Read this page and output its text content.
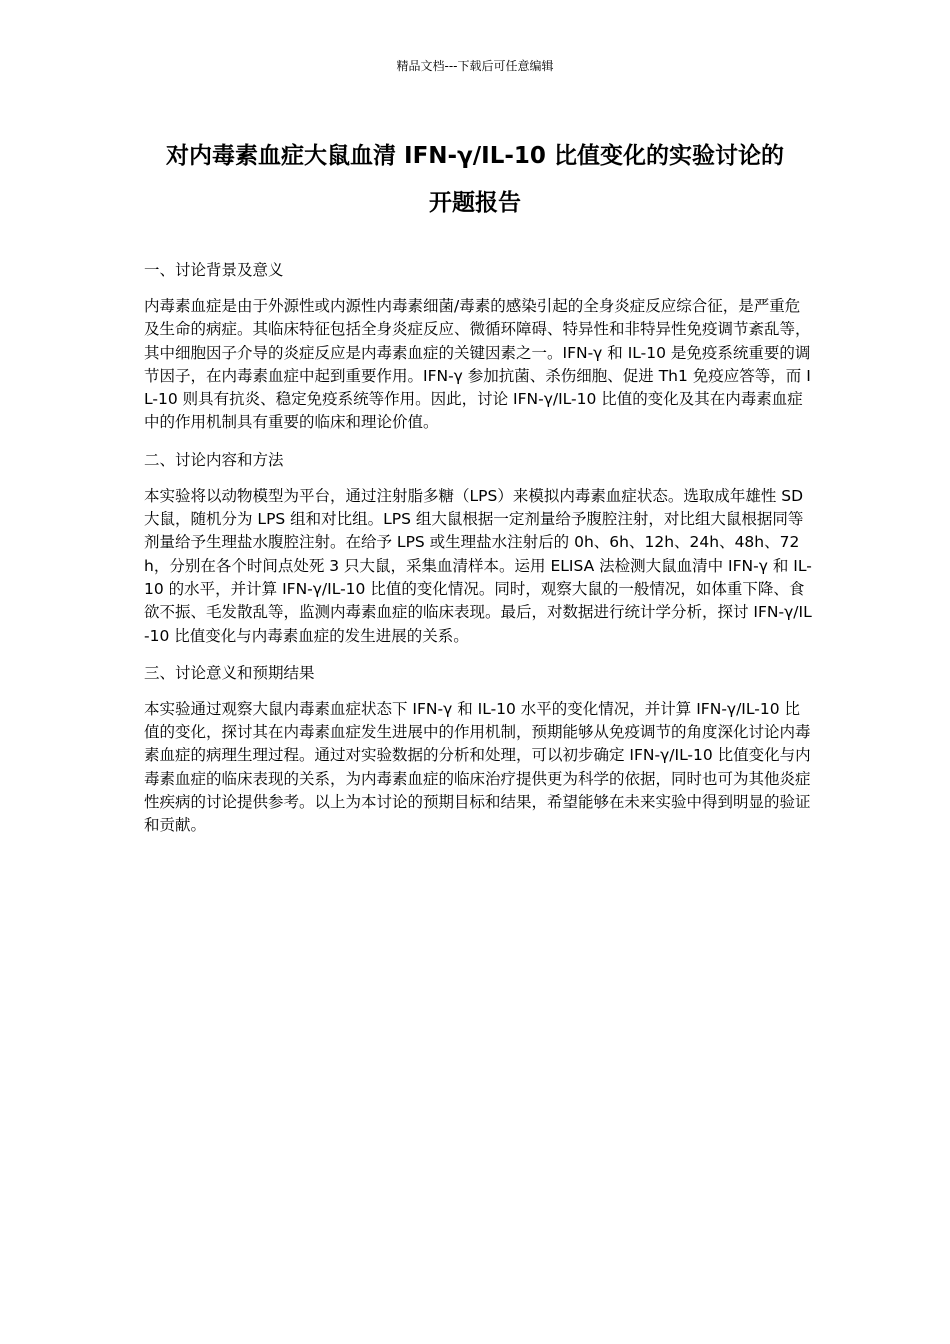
精品文档---下载后可任意编辑
对内毒素血症大鼠血清 IFN-γ/IL-10 比值变化的实验讨论的
开题报告

一、讨论背景及意义

内毒素血症是由于外源性或内源性内毒素细菌/毒素的感染引起的全身炎症反应综合征，是严重危及生命的病症。其临床特征包括全身炎症反应、微循环障碍、特异性和非特异性免疫调节紊乱等，其中细胞因子介导的炎症反应是内毒素血症的关键因素之一。IFN-γ 和 IL-10 是免疫系统重要的调节因子，在内毒素血症中起到重要作用。IFN-γ 参加抗菌、杀伤细胞、促进 Th1 免疫应答等，而 IL-10 则具有抗炎、稳定免疫系统等作用。因此，讨论 IFN-γ/IL-10 比值的变化及其在内毒素血症中的作用机制具有重要的临床和理论价值。

二、讨论内容和方法

本实验将以动物模型为平台，通过注射脂多糖（LPS）来模拟内毒素血症状态。选取成年雄性 SD 大鼠，随机分为 LPS 组和对比组。LPS 组大鼠根据一定剂量给予腹腔注射，对比组大鼠根据同等剂量给予生理盐水腹腔注射。在给予 LPS 或生理盐水注射后的 0h、6h、12h、24h、48h、72h，分别在各个时间点处死 3 只大鼠，采集血清样本。运用 ELISA 法检测大鼠血清中 IFN-γ 和 IL-10 的水平，并计算 IFN-γ/IL-10 比值的变化情况。同时，观察大鼠的一般情况，如体重下降、食欲不振、毛发散乱等，监测内毒素血症的临床表现。最后，对数据进行统计学分析，探讨 IFN-γ/IL-10 比值变化与内毒素血症的发生进展的关系。

三、讨论意义和预期结果

本实验通过观察大鼠内毒素血症状态下 IFN-γ 和 IL-10 水平的变化情况，并计算 IFN-γ/IL-10 比值的变化，探讨其在内毒素血症发生进展中的作用机制，预期能够从免疫调节的角度深化讨论内毒素血症的病理生理过程。通过对实验数据的分析和处理，可以初步确定 IFN-γ/IL-10 比值变化与内毒素血症的临床表现的关系，为内毒素血症的临床治疗提供更为科学的依据，同时也可为其他炎症性疾病的讨论提供参考。以上为本讨论的预期目标和结果，希望能够在未来实验中得到明显的验证和贡献。
